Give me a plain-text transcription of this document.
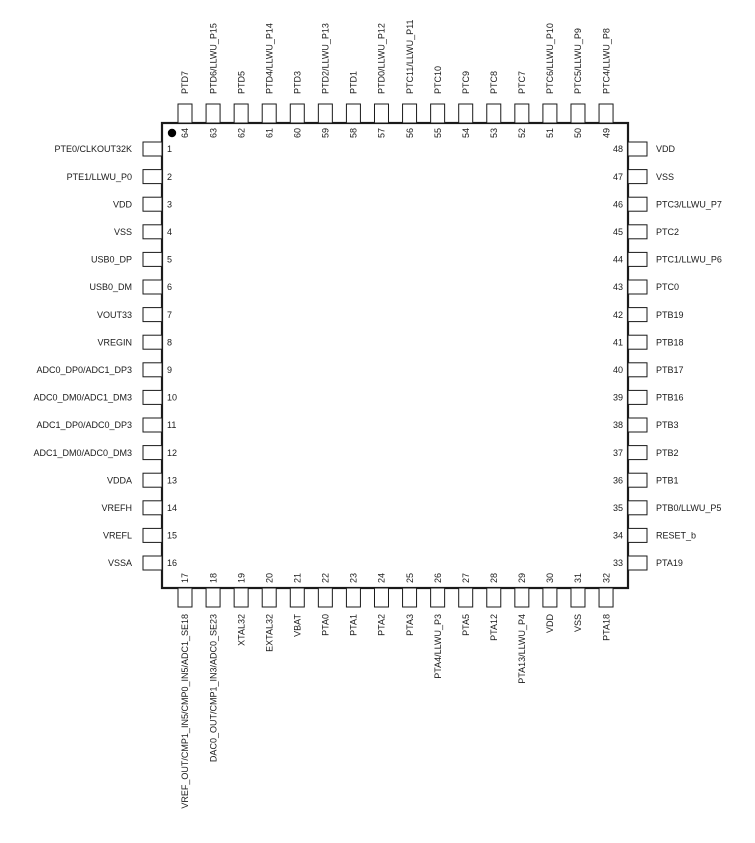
PTE0/CLKOUT32K	1
PTE1/LLWU_P0	2
VDD	3
VSS	4
USB0_DP	5
USB0_DM	6
VOUT33	7
VREGIN	8
ADC0_DP0/ADC1_DP3	9
ADC0_DM0/ADC1_DM3	10
ADC1_DP0/ADC0_DP3	11
ADC1_DM0/ADC0_DM3	12
VDDA	13
VREFH	14
VREFL	15
VSSA	16
VREF_OUT/CMP1_IN5/CMP0_IN5/ADC1_SE18
17
DAC0_OUT/CMP1_IN3/ADC0_SE23
18
XTAL32
19
EXTAL32
20
VBAT
21
PTA0
22
PTA1
23
PTA2
24
PTA3
25
PTA4/LLWU_P3
26
PTA5
27
PTA12
28
PTA13/LLWU_P4
29
VDD
30
VSS
31
PTA18
32
VDD
48
VSS
47
PTC3/LLWU_P7
46
PTC2
45
PTC1/LLWU_P6
44
PTC0
43
PTB19
42
PTB18
41
PTB17
40
PTB16
39
PTB3
38
PTB2
37
PTB1
36
PTB0/LLWU_P5
35
RESET_b
34
PTA19
33
PTD7
64
PTD6/LLWU_P15
63
PTD5
62
PTD4/LLWU_P14
61
PTD3
60
PTD2/LLWU_P13
59
PTD1
58
PTD0/LLWU_P12
57
PTC11/LLWU_P11
56
PTC10
55
PTC9
54
PTC8
53
PTC7
52
PTC6/LLWU_P10
51
PTC5/LLWU_P9
50
PTC4/LLWU_P8
49
